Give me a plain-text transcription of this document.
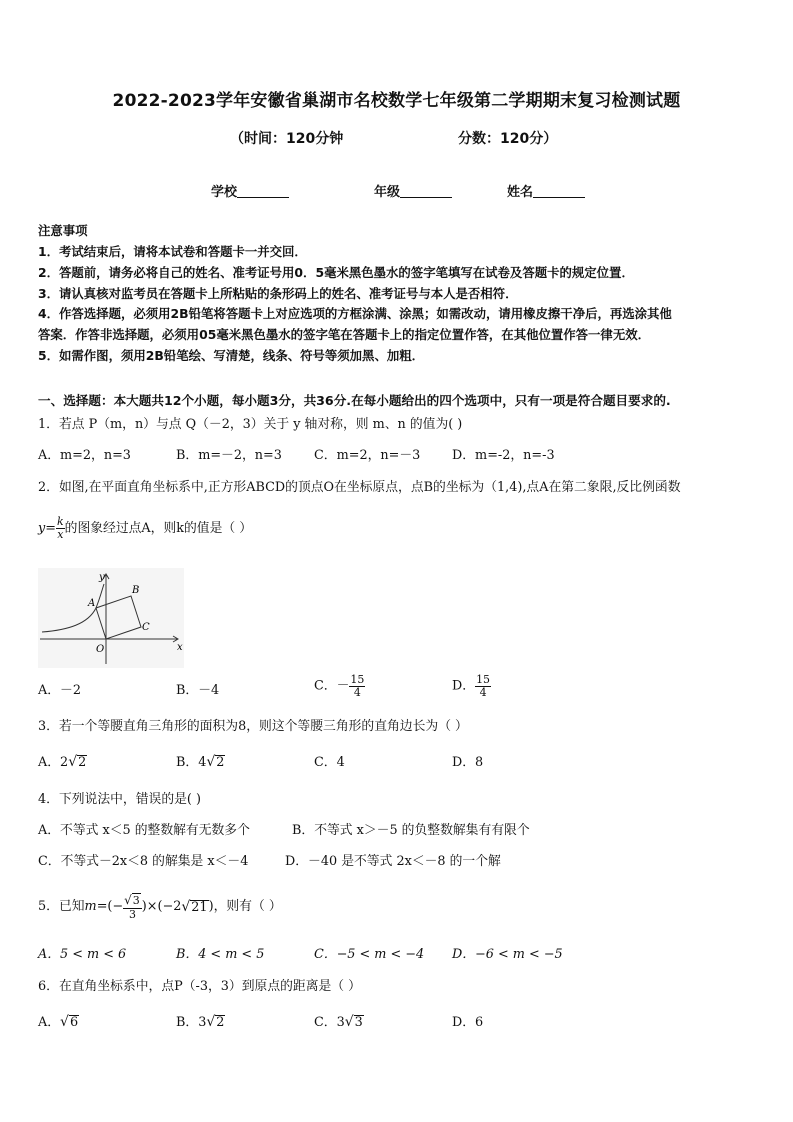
2022-2023学年安徽省巢湖市名校数学七年级第二学期期末复习检测试题
（时间：120分钟	分数：120分）
学校	年级	姓名
注意事项
1．考试结束后，请将本试卷和答题卡一并交回．
2．答题前，请务必将自己的姓名、准考证号用0．5毫米黑色墨水的签字笔填写在试卷及答题卡的规定位置．
3．请认真核对监考员在答题卡上所粘贴的条形码上的姓名、准考证号与本人是否相符．
4．作答选择题，必须用2B铅笔将答题卡上对应选项的方框涂满、涂黑；如需改动，请用橡皮擦干净后，再选涂其他
答案．作答非选择题，必须用05毫米黑色墨水的签字笔在答题卡上的指定位置作答，在其他位置作答一律无效．
5．如需作图，须用2B铅笔绘、写清楚，线条、符号等须加黑、加粗．
一、选择题：本大题共12个小题，每小题3分，共36分.在每小题给出的四个选项中，只有一项是符合题目要求的.
1．若点 P（m，n）与点 Q（－2，3）关于 y 轴对称，则 m、n 的值为( )
A．m=2，n=3	B．m=－2，n=3	C．m=2，n=－3 D．m=-2，n=-3
2．如图,在平面直角坐标系中,正方形ABCD的顶点O在坐标原点，点B的坐标为（1,4),点A在第二象限,反比例函数
$y= \frac{k}{x}$ 的图象经过点A，则k的值是（ ）
y
x
A
B
C
O
A．－2	B．－4	C．－ $\frac{15}{4}$	D． $\frac{15}{4}$
3．若一个等腰直角三角形的面积为8，则这个等腰三角形的直角边长为（ ）
A．2√2	B．4√2	C．4	D．8
4．下列说法中，错误的是( )
A．不等式 x＜5 的整数解有无数多个	B．不等式 x＞－5 的负整数解集有有限个
C．不等式－2x＜8 的解集是 x＜－4	D．－40 是不等式 2x＜－8 的一个解
5．已知$m=(- \frac{√3}{3} )\times(-2√21)$，则有（ ）
A．5 < m < 6	B．4 < m < 5	C．−5 < m < −4 D．−6 < m < −5
6．在直角坐标系中，点P（-3，3）到原点的距离是（ ）
A．√6	B．3√2	C．3√3	D．6
